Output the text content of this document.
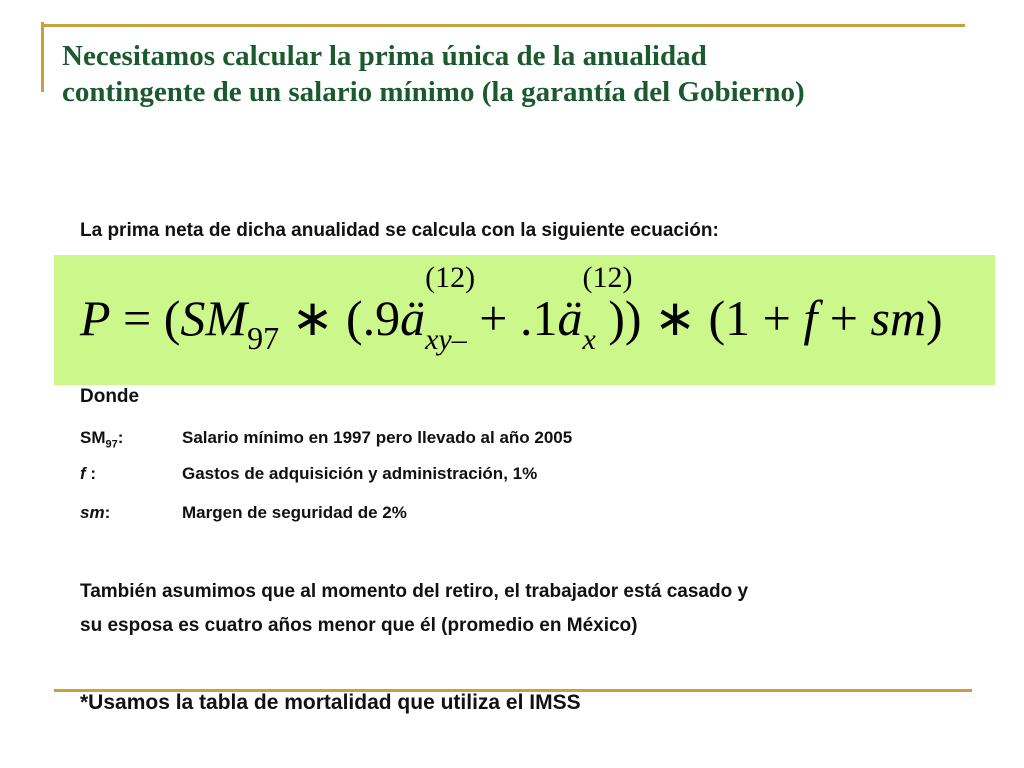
Necesitamos calcular la prima única de la anualidad
contingente de un salario mínimo (la garantía del Gobierno)

La prima neta de dicha anualidad se calcula con la siguiente ecuación:

$P = (SM_{97}$ ∗ (.9ä
(12)
xy– + .1ä
(12)
x )) ∗ (1 + f + sm)

Donde

$SM_{97}$:	Salario mínimo en 1997 pero llevado al año 2005
f :	Gastos de adquisición y administración, 1%
sm:	Margen de seguridad de 2%
También asumimos que al momento del retiro, el trabajador está casado y
su esposa es cuatro años menor que él (promedio en México)

*Usamos la tabla de mortalidad que utiliza el IMSS
